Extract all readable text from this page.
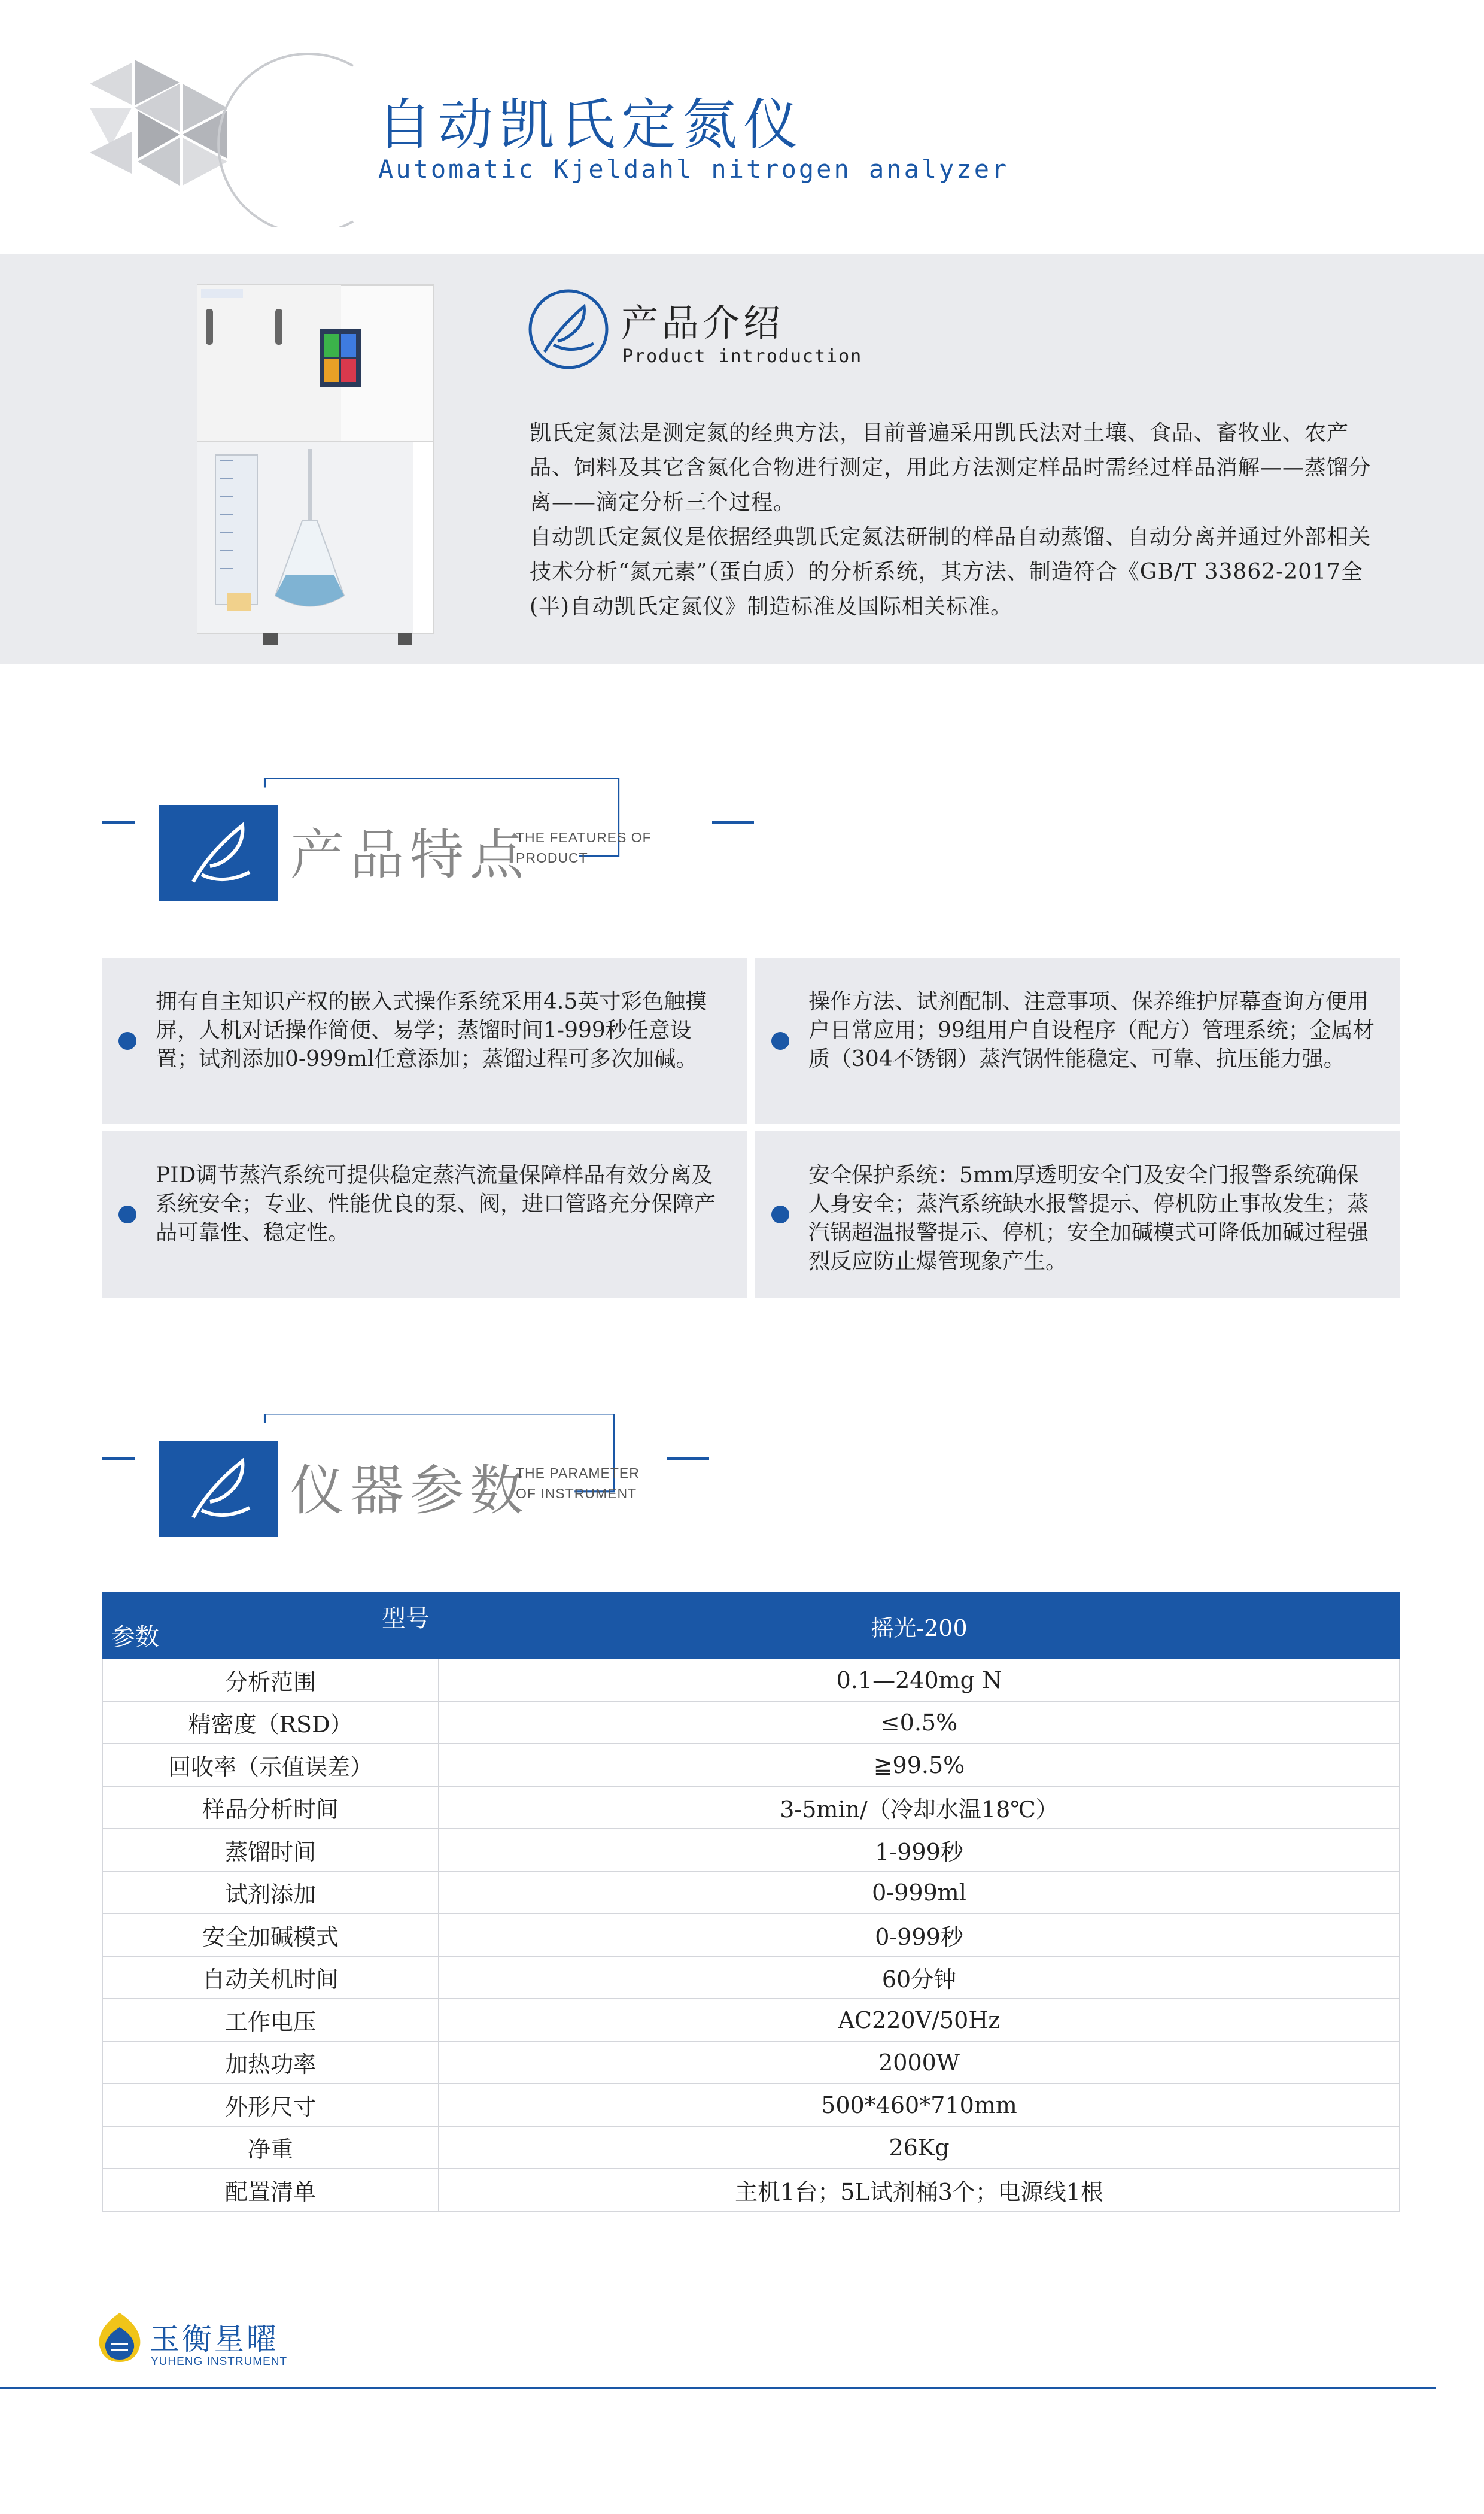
自动凯氏定氮仪
Automatic Kjeldahl nitrogen analyzer
产品介绍
Product introduction

凯氏定氮法是测定氮的经典方法，目前普遍采用凯氏法对土壤、食品、畜牧业、农产品、饲料及其它含氮化合物进行测定，用此方法测定样品时需经过样品消解——蒸馏分离——滴定分析三个过程。

自动凯氏定氮仪是依据经典凯氏定氮法研制的样品自动蒸馏、自动分离并通过外部相关技术分析“氮元素”（蛋白质）的分析系统，其方法、制造符合《GB/T 33862-2017全(半)自动凯氏定氮仪》制造标准及国际相关标准。

产品特点
THE FEATURES OF PRODUCT
拥有自主知识产权的嵌入式操作系统采用4.5英寸彩色触摸屏，人机对话操作简便、易学；蒸馏时间1-999秒任意设置；试剂添加0-999ml任意添加；蒸馏过程可多次加碱。
操作方法、试剂配制、注意事项、保养维护屏幕查询方便用户日常应用；99组用户自设程序（配方）管理系统；金属材质（304不锈钢）蒸汽锅性能稳定、可靠、抗压能力强。
PID调节蒸汽系统可提供稳定蒸汽流量保障样品有效分离及系统安全；专业、性能优良的泵、阀，进口管路充分保障产品可靠性、稳定性。
安全保护系统：5mm厚透明安全门及安全门报警系统确保人身安全；蒸汽系统缺水报警提示、停机防止事故发生；蒸汽锅超温报警提示、停机；安全加碱模式可降低加碱过程强烈反应防止爆管现象产生。
仪器参数
THE PARAMETER OF INSTRUMENT
型号
参数	摇光-200
分析范围	0.1—240mg N
精密度（RSD）	≤0.5%
回收率（示值误差）	≧99.5%
样品分析时间	3-5min/（冷却水温18℃）
蒸馏时间	1-999秒
试剂添加	0-999ml
安全加碱模式	0-999秒
自动关机时间	60分钟
工作电压	AC220V/50Hz
加热功率	2000W
外形尺寸	500*460*710mm
净重	26Kg
配置清单	主机1台；5L试剂桶3个；电源线1根
玉衡星曜
YUHENG INSTRUMENT
